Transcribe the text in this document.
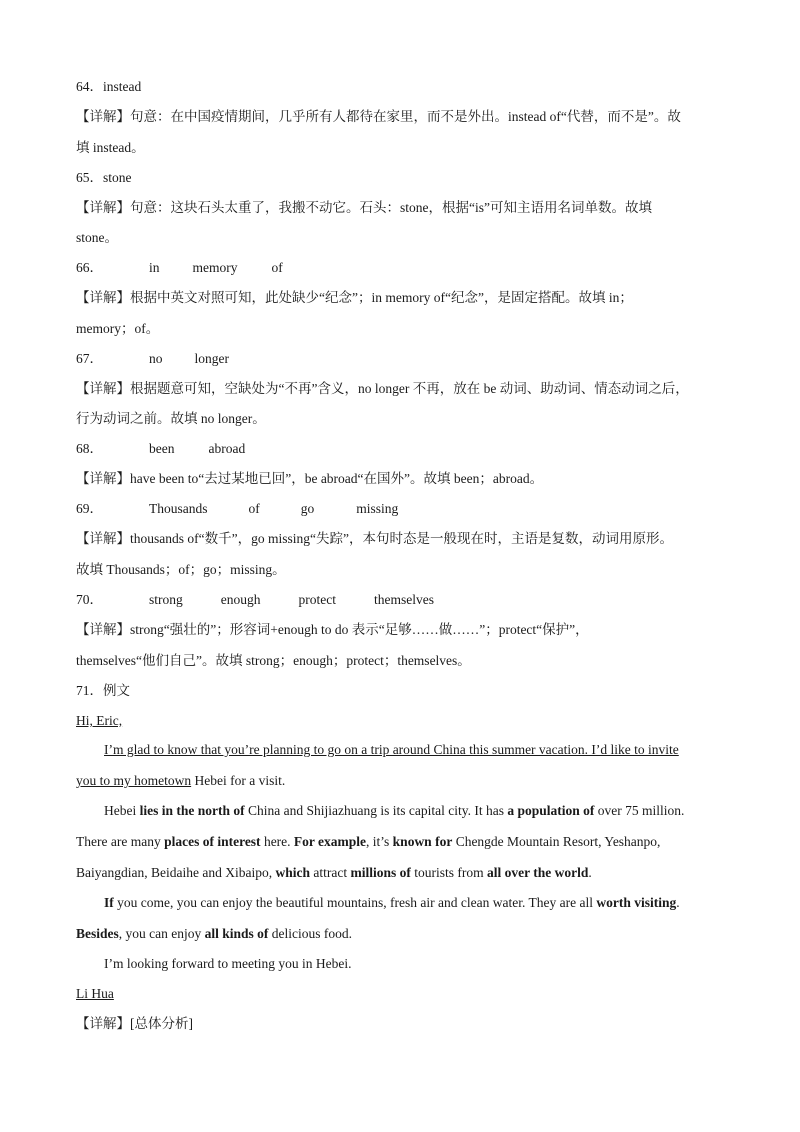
64．instead
【详解】句意：在中国疫情期间，几乎所有人都待在家里，而不是外出。instead of“代替，而不是”。故
填 instead。
65．stone
【详解】句意：这块石头太重了，我搬不动它。石头：stone，根据“is”可知主语用名词单数。故填
stone。
66．	in memory	of
【详解】根据中英文对照可知，此处缺少“纪念”；in memory of“纪念”，是固定搭配。故填 in；
memory；of。
67．	no longer
【详解】根据题意可知，空缺处为“不再”含义，no longer 不再，放在 be 动词、助动词、情态动词之后，
行为动词之前。故填 no longer。
68．	been	abroad
【详解】have been to“去过某地已回”，be abroad“在国外”。故填 been；abroad。
69．	Thousands	of	go	missing
【详解】thousands of“数千”，go missing“失踪”，本句时态是一般现在时，主语是复数，动词用原形。
故填 Thousands；of；go；missing。
70．	strong	enough	protect	themselves
【详解】strong“强壮的”；形容词+enough to do 表示“足够……做……”；protect“保护”，
themselves“他们自己”。故填 strong；enough；protect；themselves。
71．例文
Hi, Eric,
I’m glad to know that you’re planning to go on a trip around China this summer vacation. I’d like to invite
you to my hometown Hebei for a visit.
Hebei lies in the north of China and Shijiazhuang is its capital city. It has a population of over 75 million.
There are many places of interest here. For example, it’s known for Chengde Mountain Resort, Yeshanpo,
Baiyangdian, Beidaihe and Xibaipo, which attract millions of tourists from all over the world.
If you come, you can enjoy the beautiful mountains, fresh air and clean water. They are all worth visiting.
Besides, you can enjoy all kinds of delicious food.
I’m looking forward to meeting you in Hebei.
Li Hua
【详解】[总体分析]
